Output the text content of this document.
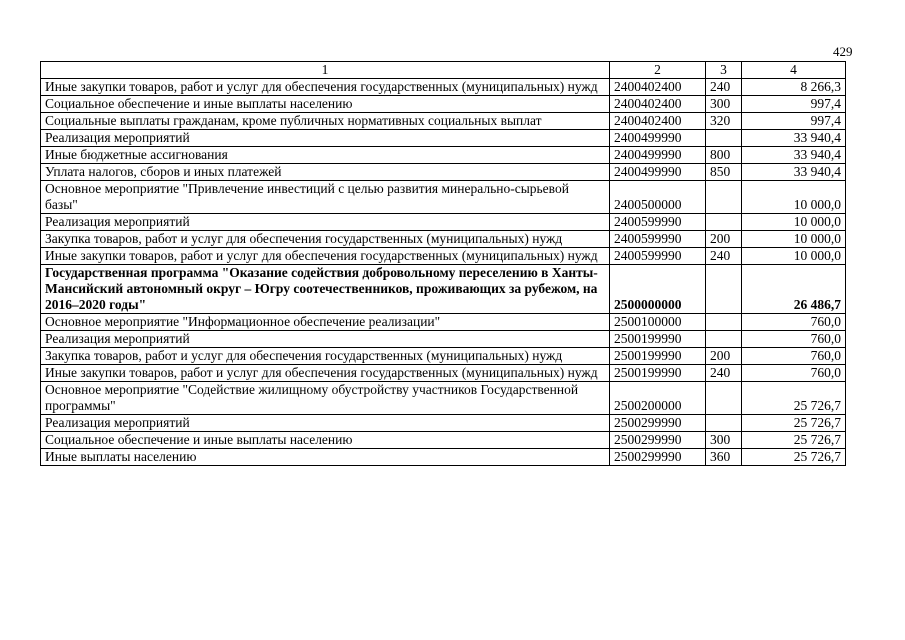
429
1	2	3	4
Иные закупки товаров, работ и услуг для обеспечения государственных (муниципальных) нужд	2400402400	240	8 266,3
Социальное обеспечение и иные выплаты населению	2400402400	300	997,4
Социальные выплаты гражданам, кроме публичных нормативных социальных выплат	2400402400	320	997,4
Реализация мероприятий	2400499990		33 940,4
Иные бюджетные ассигнования	2400499990	800	33 940,4
Уплата налогов, сборов и иных платежей	2400499990	850	33 940,4
Основное мероприятие "Привлечение инвестиций с целью развития минерально-сырьевой базы"	2400500000		10 000,0
Реализация мероприятий	2400599990		10 000,0
Закупка товаров, работ и услуг для обеспечения государственных (муниципальных) нужд	2400599990	200	10 000,0
Иные закупки товаров, работ и услуг для обеспечения государственных (муниципальных) нужд	2400599990	240	10 000,0
Государственная программа "Оказание содействия добровольному переселению в Ханты-Мансийский автономный округ – Югру соотечественников, проживающих за рубежом, на 2016–2020 годы"	2500000000		26 486,7
Основное мероприятие "Информационное обеспечение реализации"	2500100000		760,0
Реализация мероприятий	2500199990		760,0
Закупка товаров, работ и услуг для обеспечения государственных (муниципальных) нужд	2500199990	200	760,0
Иные закупки товаров, работ и услуг для обеспечения государственных (муниципальных) нужд	2500199990	240	760,0
Основное мероприятие "Содействие жилищному обустройству участников Государственной программы"	2500200000		25 726,7
Реализация мероприятий	2500299990		25 726,7
Социальное обеспечение и иные выплаты населению	2500299990	300	25 726,7
Иные выплаты населению	2500299990	360	25 726,7
